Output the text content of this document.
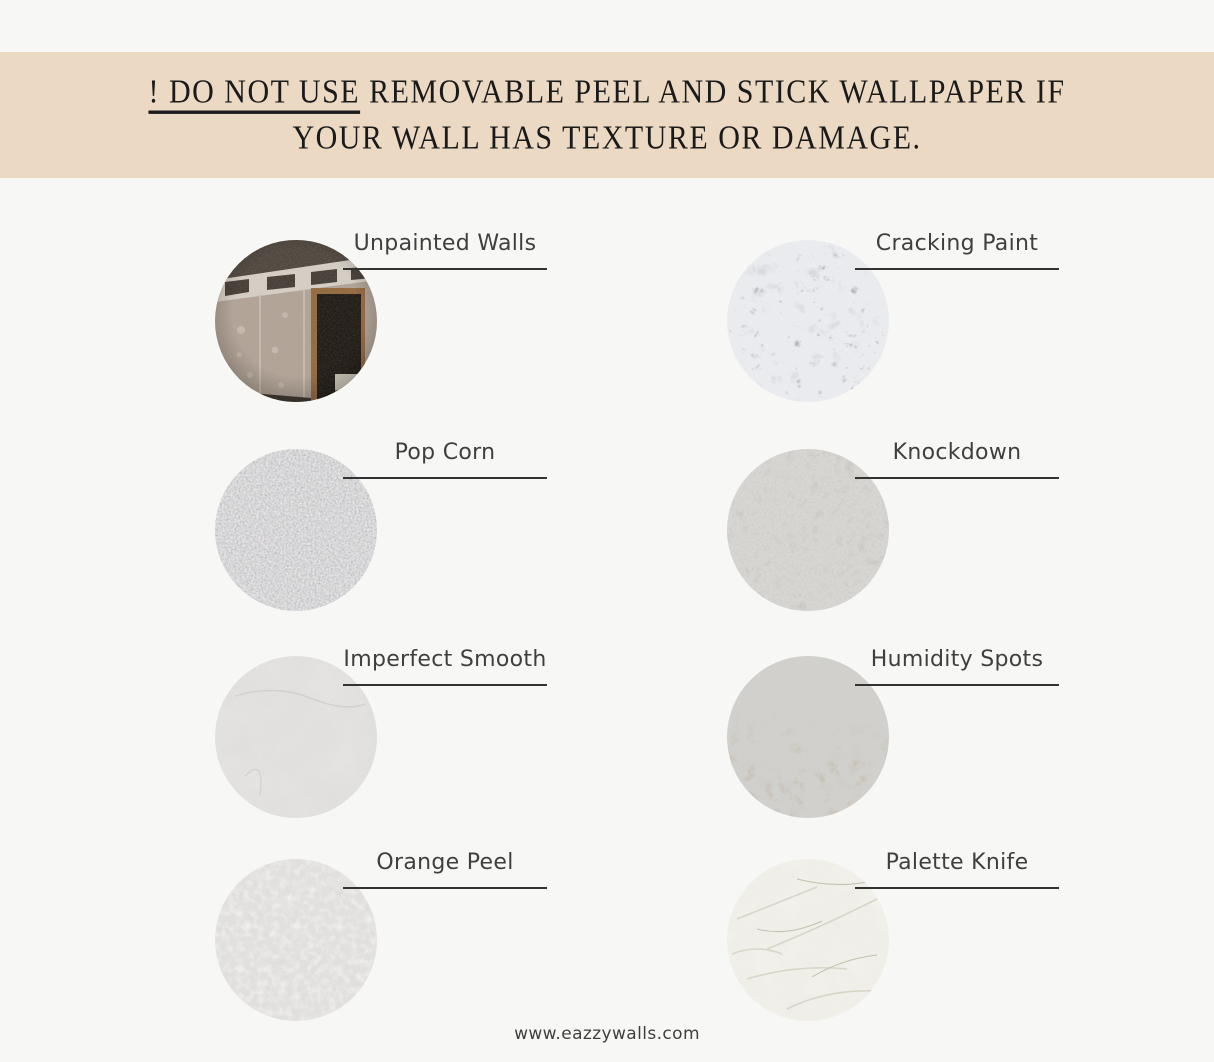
! DO NOT USE REMOVABLE PEEL AND STICK WALLPAPER IF
YOUR WALL HAS TEXTURE OR DAMAGE.
Unpainted Walls	Cracking Paint
Pop Corn	Knockdown
Imperfect Smooth	Humidity Spots
Orange Peel	Palette Knife
www.eazzywalls.com
